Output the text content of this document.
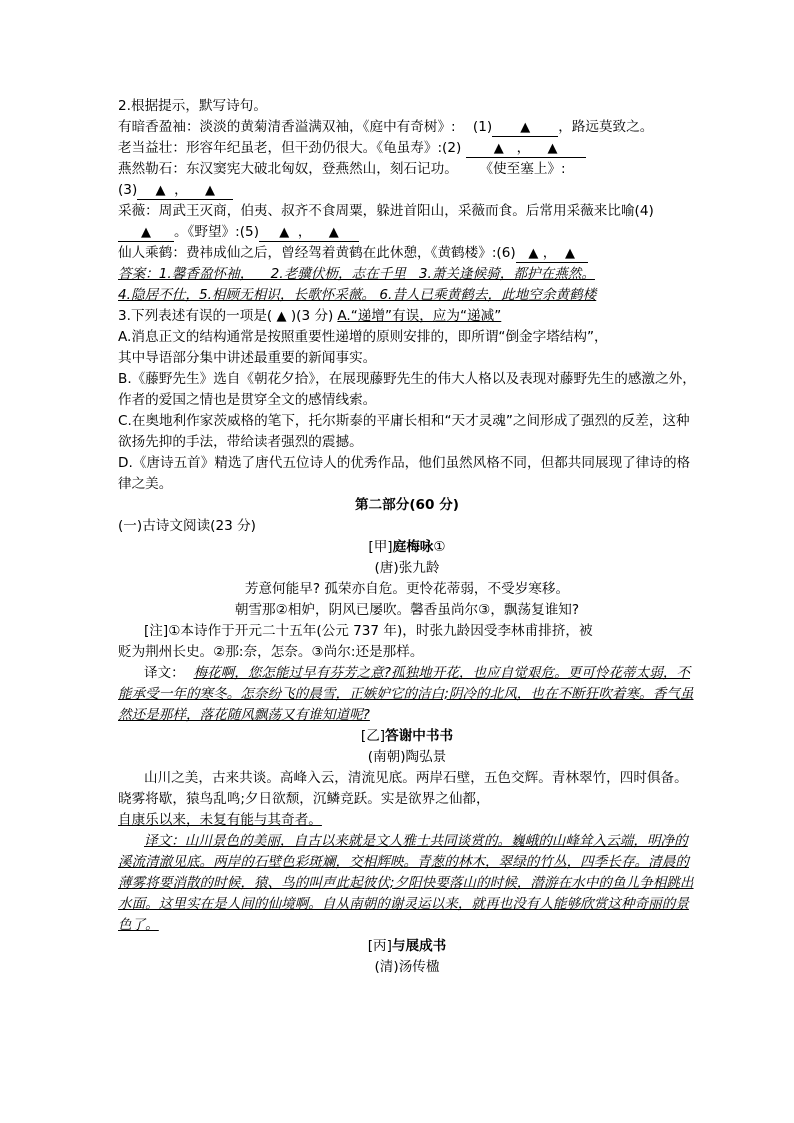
2.根据提示，默写诗句。

有暗香盈袖：淡淡的黄菊清香溢满双袖，《庭中有奇树》: (1) ▲ ，路远莫致之。

老当益壮：形容年纪虽老，但干劲仍很大。《龟虽寿》:(2) ▲ ， ▲

燕然勒石：东汉窦宪大破北匈奴，登燕然山，刻石记功。 《使至塞上》:

(3) ▲ ， ▲

采薇：周武王灭商，伯夷、叔齐不食周粟，躲进首阳山，采薇而食。后常用采薇来比喻(4)▲ 。《野望》:(5) ▲ ， ▲

仙人乘鹤：费祎成仙之后，曾经驾着黄鹤在此休憩，《黄鹤楼》:(6) ▲ ， ▲

答案：1.馨香盈怀袖，    2.老骥伏枥，志在千里   3.萧关逢候骑，都护在燕然。

4.隐居不仕，5.相顾无相识，长歌怀采薇。 6.昔人已乘黄鹤去，此地空余黄鹤楼

3.下列表述有误的一项是( ▲ )(3 分) A.“递增”有误，应为“递减”

A.消息正文的结构通常是按照重要性递增的原则安排的，即所谓“倒金字塔结构”，

其中导语部分集中讲述最重要的新闻事实。

B.《藤野先生》选自《朝花夕拾》，在展现藤野先生的伟大人格以及表现对藤野先生的感激之外，作者的爱国之情也是贯穿全文的感情线索。

C.在奥地利作家茨威格的笔下，托尔斯泰的平庸长相和“天才灵魂”之间形成了强烈的反差，这种欲扬先抑的手法，带给读者强烈的震撼。

D.《唐诗五首》精选了唐代五位诗人的优秀作品，他们虽然风格不同，但都共同展现了律诗的格律之美。

第二部分(60 分)

(一)古诗文阅读(23 分)

[甲]庭梅咏①

(唐)张九龄

芳意何能早? 孤荣亦自危。更怜花蒂弱，不受岁寒移。

朝雪那②相妒，阴风已屡吹。馨香虽尚尔③，飘荡复谁知?

[注]①本诗作于开元二十五年(公元 737 年)，时张九龄因受李林甫排挤，被

贬为荆州长史。②那:奈，怎奈。③尚尔:还是那样。

译文： 梅花啊，您怎能过早有芬芳之意?孤独地开花，也应自觉艰危。更可怜花蒂太弱，不能承受一年的寒冬。怎奈纷飞的晨雪，正嫉妒它的洁白;阴冷的北风，也在不断狂吹着寒。香气虽然还是那样，落花随风飘荡又有谁知道呢?

[乙]答谢中书书

(南朝)陶弘景

山川之美，古来共谈。高峰入云，清流见底。两岸石壁，五色交辉。青林翠竹，四时俱备。晓雾将歇，猿鸟乱鸣;夕日欲颓，沉鳞竞跃。实是欲界之仙都，

自康乐以来，未复有能与其奇者。

译文：山川景色的美丽，自古以来就是文人雅士共同谈赏的。巍峨的山峰耸入云端，明净的溪流清澈见底。两岸的石壁色彩斑斓，交相辉映。青葱的林木，翠绿的竹丛，四季长存。清晨的薄雾将要消散的时候，猿、鸟的叫声此起彼伏;夕阳快要落山的时候，潜游在水中的鱼儿争相跳出水面。这里实在是人间的仙境啊。自从南朝的谢灵运以来，就再也没有人能够欣赏这种奇丽的景色了。

[丙]与展成书

(清)汤传楹
